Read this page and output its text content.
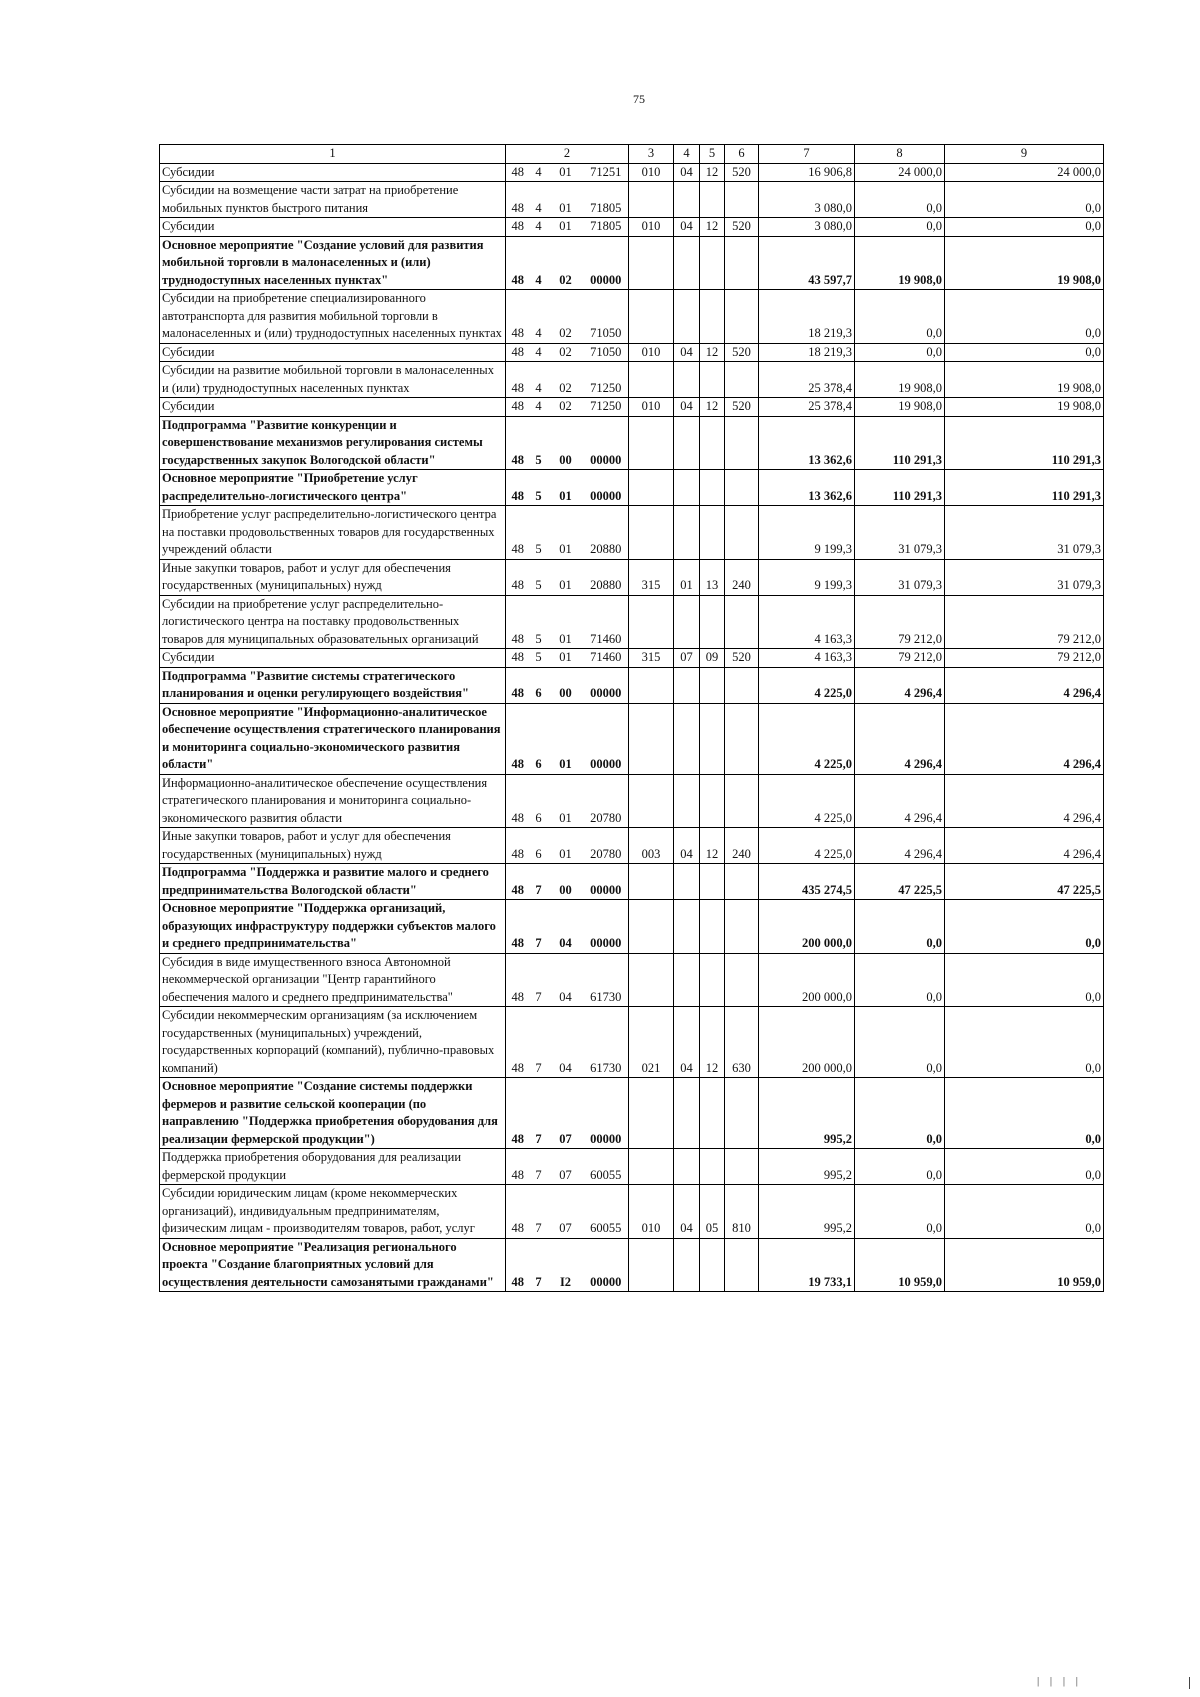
75
1	2				3	4	5	6	7	8	9
Субсидии	48	4	01	71251	010	04	12	520	16 906,8	24 000,0	24 000,0
Субсидии на возмещение части затрат на приобретение мобильных пунктов быстрого питания	48	4	01	71805					3 080,0	0,0	0,0
Субсидии	48	4	01	71805	010	04	12	520	3 080,0	0,0	0,0
Основное мероприятие "Создание условий для развития мобильной торговли в малонаселенных и (или) труднодоступных населенных пунктах"	48	4	02	00000					43 597,7	19 908,0	19 908,0
Субсидии на приобретение специализированного автотранспорта для развития мобильной торговли в малонаселенных и (или) труднодоступных населенных пунктах	48	4	02	71050					18 219,3	0,0	0,0
Субсидии	48	4	02	71050	010	04	12	520	18 219,3	0,0	0,0
Субсидии на развитие мобильной торговли в малонаселенных и (или) труднодоступных населенных пунктах	48	4	02	71250					25 378,4	19 908,0	19 908,0
Субсидии	48	4	02	71250	010	04	12	520	25 378,4	19 908,0	19 908,0
Подпрограмма "Развитие конкуренции и совершенствование механизмов регулирования системы государственных закупок Вологодской области"	48	5	00	00000					13 362,6	110 291,3	110 291,3
Основное мероприятие "Приобретение услуг распределительно-логистического центра"	48	5	01	00000					13 362,6	110 291,3	110 291,3
Приобретение услуг распределительно-логистического центра на поставки продовольственных товаров для государственных учреждений области	48	5	01	20880					9 199,3	31 079,3	31 079,3
Иные закупки товаров, работ и услуг для обеспечения государственных (муниципальных) нужд	48	5	01	20880	315	01	13	240	9 199,3	31 079,3	31 079,3
Субсидии на приобретение услуг распределительно-логистического центра на поставку продовольственных товаров для муниципальных образовательных организаций	48	5	01	71460					4 163,3	79 212,0	79 212,0
Субсидии	48	5	01	71460	315	07	09	520	4 163,3	79 212,0	79 212,0
Подпрограмма "Развитие системы стратегического планирования и оценки регулирующего воздействия"	48	6	00	00000					4 225,0	4 296,4	4 296,4
Основное мероприятие "Информационно-аналитическое обеспечение осуществления стратегического планирования и мониторинга социально-экономического развития области"	48	6	01	00000					4 225,0	4 296,4	4 296,4
Информационно-аналитическое обеспечение осуществления стратегического планирования и мониторинга социально-экономического развития области	48	6	01	20780					4 225,0	4 296,4	4 296,4
Иные закупки товаров, работ и услуг для обеспечения государственных (муниципальных) нужд	48	6	01	20780	003	04	12	240	4 225,0	4 296,4	4 296,4
Подпрограмма "Поддержка и развитие малого и среднего предпринимательства Вологодской области"	48	7	00	00000					435 274,5	47 225,5	47 225,5
Основное мероприятие "Поддержка организаций, образующих инфраструктуру поддержки субъектов малого и среднего предпринимательства"	48	7	04	00000					200 000,0	0,0	0,0
Субсидия в виде имущественного взноса Автономной некоммерческой организации "Центр гарантийного обеспечения малого и среднего предпринимательства"	48	7	04	61730					200 000,0	0,0	0,0
Субсидии некоммерческим организациям (за исключением государственных (муниципальных) учреждений, государственных корпораций (компаний), публично-правовых компаний)	48	7	04	61730	021	04	12	630	200 000,0	0,0	0,0
Основное мероприятие "Создание системы поддержки фермеров и развитие сельской кооперации (по направлению "Поддержка приобретения оборудования для реализации фермерской продукции")	48	7	07	00000					995,2	0,0	0,0
Поддержка приобретения оборудования для реализации фермерской продукции	48	7	07	60055					995,2	0,0	0,0
Субсидии юридическим лицам (кроме некоммерческих организаций), индивидуальным предпринимателям, физическим лицам - производителям товаров, работ, услуг	48	7	07	60055	010	04	05	810	995,2	0,0	0,0
Основное мероприятие "Реализация регионального проекта "Создание благоприятных условий для осуществления деятельности самозанятыми гражданами"	48	7	I2	00000					19 733,1	10 959,0	10 959,0
| | | |
